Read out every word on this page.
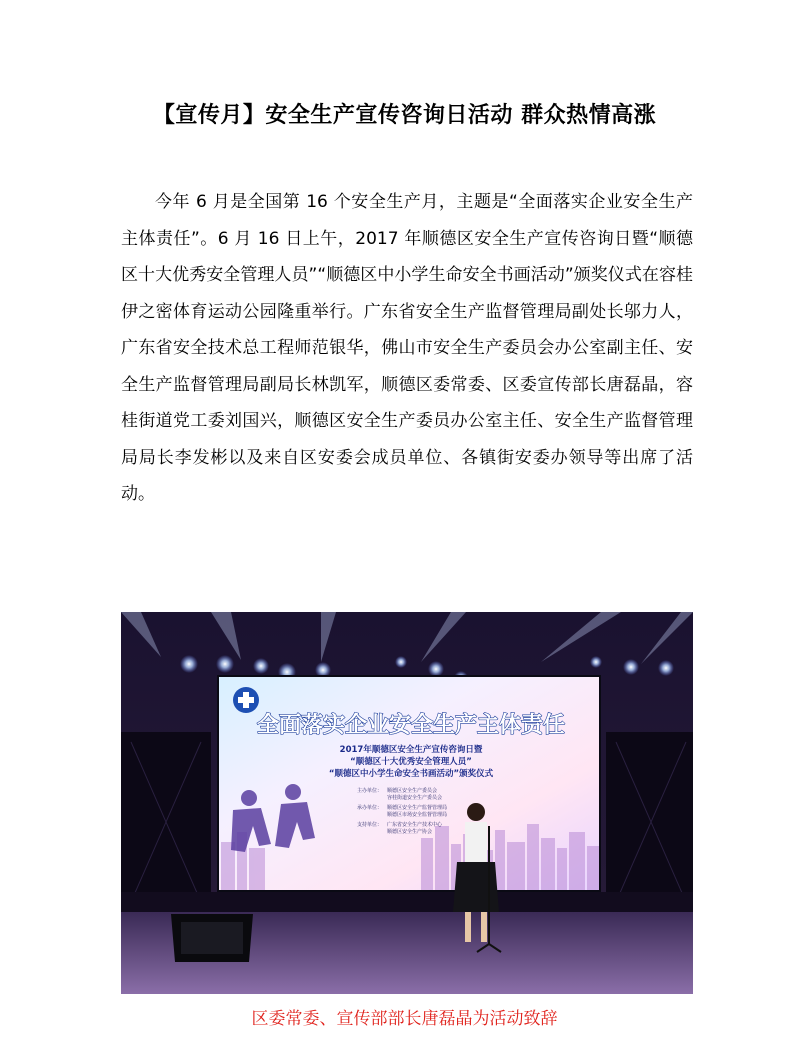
【宣传月】安全生产宣传咨询日活动 群众热情高涨

今年 6 月是全国第 16 个安全生产月，主题是“全面落实企业安全生产主体责任”。6 月 16 日上午，2017 年顺德区安全生产宣传咨询日暨“顺德区十大优秀安全管理人员”“顺德区中小学生命安全书画活动”颁奖仪式在容桂伊之密体育运动公园隆重举行。广东省安全生产监督管理局副处长邬力人，广东省安全技术总工程师范银华，佛山市安全生产委员会办公室副主任、安全生产监督管理局副局长林凯军，顺德区委常委、区委宣传部长唐磊晶，容桂街道党工委刘国兴，顺德区安全生产委员办公室主任、安全生产监督管理局局长李发彬以及来自区安委会成员单位、各镇街安委办领导等出席了活动。

全面落实企业安全生产主体责任
2017年顺德区安全生产宣传咨询日暨
“顺德区十大优秀安全管理人员”
“顺德区中小学生命安全书画活动”颁奖仪式
主办单位： 顺德区安全生产委员会
容桂街道安全生产委员会
承办单位： 顺德区安全生产监督管理局
顺德区市场安全监督管理局
支持单位： 广东省安全生产技术中心
顺德区安全生产协会
区委常委、宣传部部长唐磊晶为活动致辞
